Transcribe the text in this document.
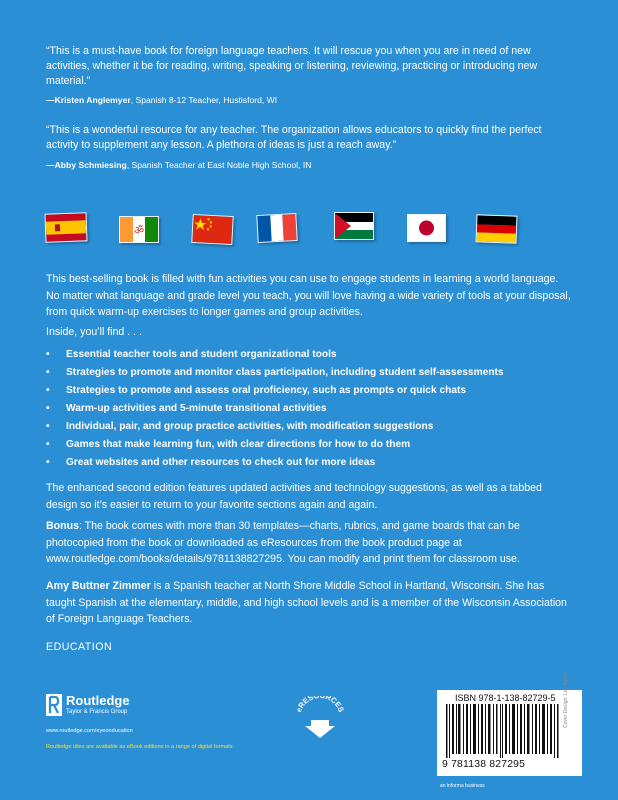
“This is a must-have book for foreign language teachers. It will rescue you when you are in need of new activities, whether it be for reading, writing, speaking or listening, reviewing, practicing or introducing new material.”
—Kristen Anglemyer, Spanish 8-12 Teacher, Hustisford, WI
“This is a wonderful resource for any teacher. The organization allows educators to quickly find the perfect activity to supplement any lesson. A plethora of ideas is just a reach away.”
—Abby Schmiesing, Spanish Teacher at East Noble High School, IN
ॐ
This best-selling book is filled with fun activities you can use to engage students in learning a world language. No matter what language and grade level you teach, you will love having a wide variety of tools at your disposal, from quick warm-up exercises to longer games and group activities.
Inside, you’ll find . . .
• Essential teacher tools and student organizational tools
• Strategies to promote and monitor class participation, including student self-assessments
• Strategies to promote and assess oral proficiency, such as prompts or quick chats
• Warm-up activities and 5-minute transitional activities
• Individual, pair, and group practice activities, with modification suggestions
• Games that make learning fun, with clear directions for how to do them
• Great websites and other resources to check out for more ideas
The enhanced second edition features updated activities and technology suggestions, as well as a tabbed design so it’s easier to return to your favorite sections again and again.
Bonus: The book comes with more than 30 templates—charts, rubrics, and game boards that can be photocopied from the book or downloaded as eResources from the book product page at www.routledge.com/books/details/9781138827295. You can modify and print them for classroom use.
Amy Buttner Zimmer is a Spanish teacher at North Shore Middle School in Hartland, Wisconsin. She has taught Spanish at the elementary, middle, and high school levels and is a member of the Wisconsin Association of Foreign Language Teachers.
EDUCATION
Routledge
Taylor & Francis Group
www.routledge.com/eyeonducation
Routledge titles are available as eBook editions in a range of digital formats
eRES RCES
ISBN 978-1-138-82729-5
9 781138 827295
Cover Design: Leo Dylan
an informa business
